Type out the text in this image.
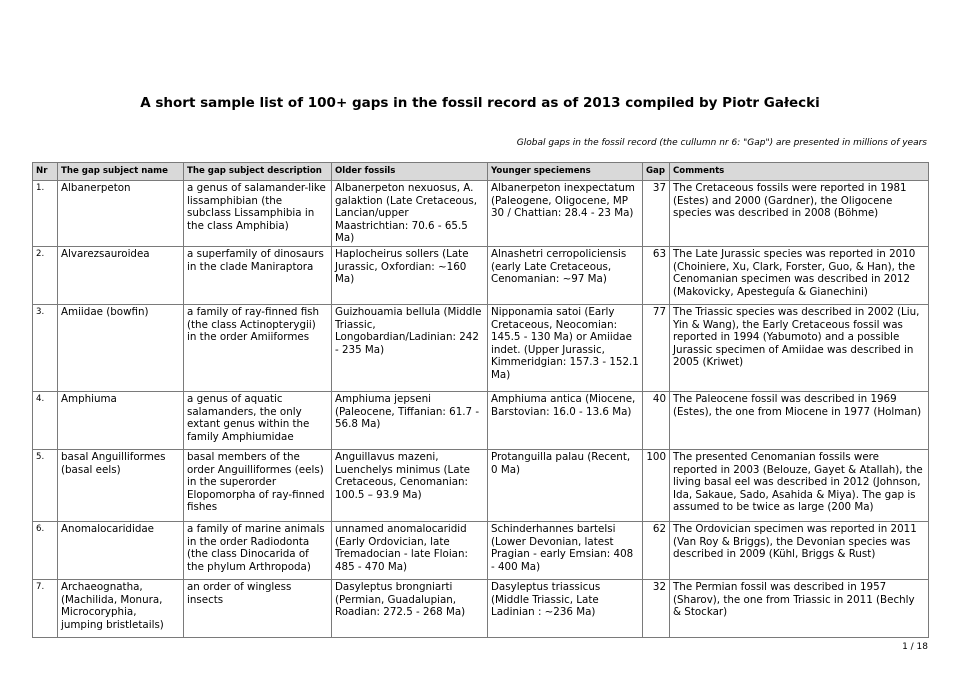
A short sample list of 100+ gaps in the fossil record as of 2013 compiled by Piotr Gałecki
Global gaps in the fossil record (the cullumn nr 6: "Gap") are presented in millions of years
Nr	The gap subject name	The gap subject description	Older fossils	Younger speciemens	Gap	Comments
1.	Albanerpeton	a genus of salamander-like lissamphibian (the subclass Lissamphibia in the class Amphibia)	Albanerpeton nexuosus, A. galaktion (Late Cretaceous, Lancian/upper Maastrichtian: 70.6 - 65.5 Ma)	Albanerpeton inexpectatum (Paleogene, Oligocene, MP 30 / Chattian: 28.4 - 23 Ma)	37	The Cretaceous fossils were reported in 1981 (Estes) and 2000 (Gardner), the Oligocene species was described in 2008 (Böhme)
2.	Alvarezsauroidea	a superfamily of dinosaurs in the clade Maniraptora	Haplocheirus sollers (Late Jurassic, Oxfordian: ~160 Ma)	Alnashetri cerropoliciensis (early Late Cretaceous, Cenomanian: ~97 Ma)	63	The Late Jurassic species was reported in 2010 (Choiniere, Xu, Clark, Forster, Guo, & Han), the Cenomanian specimen was described in 2012 (Makovicky, Apesteguía & Gianechini)
3.	Amiidae (bowfin)	a family of ray-finned fish (the class Actinopterygii) in the order Amiiformes	Guizhouamia bellula (Middle Triassic, Longobardian/Ladinian: 242 - 235 Ma)	Nipponamia satoi (Early Cretaceous, Neocomian: 145.5 - 130 Ma) or Amiidae indet. (Upper Jurassic, Kimmeridgian: 157.3 - 152.1 Ma)	77	The Triassic species was described in 2002 (Liu, Yin & Wang), the Early Cretaceous fossil was reported in 1994 (Yabumoto) and a possible Jurassic specimen of Amiidae was described in 2005 (Kriwet)
4.	Amphiuma	a genus of aquatic salamanders, the only extant genus within the family Amphiumidae	Amphiuma jepseni (Paleocene, Tiffanian: 61.7 - 56.8 Ma)	Amphiuma antica (Miocene, Barstovian: 16.0 - 13.6 Ma)	40	The Paleocene fossil was described in 1969 (Estes), the one from Miocene in 1977 (Holman)
5.	basal Anguilliformes (basal eels)	basal members of the order Anguilliformes (eels) in the superorder Elopomorpha of ray-finned fishes	Anguillavus mazeni, Luenchelys minimus (Late Cretaceous, Cenomanian: 100.5 – 93.9 Ma)	Protanguilla palau (Recent, 0 Ma)	100	The presented Cenomanian fossils were reported in 2003 (Belouze, Gayet & Atallah), the living basal eel was described in 2012 (Johnson, Ida, Sakaue, Sado, Asahida & Miya). The gap is assumed to be twice as large (200 Ma)
6.	Anomalocarididae	a family of marine animals in the order Radiodonta (the class Dinocarida of the phylum Arthropoda)	unnamed anomalocaridid (Early Ordovician, late Tremadocian - late Floian: 485 - 470 Ma)	Schinderhannes bartelsi (Lower Devonian, latest Pragian - early Emsian: 408 - 400 Ma)	62	The Ordovician specimen was reported in 2011 (Van Roy & Briggs), the Devonian species was described in 2009 (Kühl, Briggs & Rust)
7.	Archaeognatha, (Machilida, Monura, Microcoryphia, jumping bristletails)	an order of wingless insects	Dasyleptus brongniarti (Permian, Guadalupian, Roadian: 272.5 - 268 Ma)	Dasyleptus triassicus (Middle Triassic, Late Ladinian : ~236 Ma)	32	The Permian fossil was described in 1957 (Sharov), the one from Triassic in 2011 (Bechly & Stockar)
1 / 18
